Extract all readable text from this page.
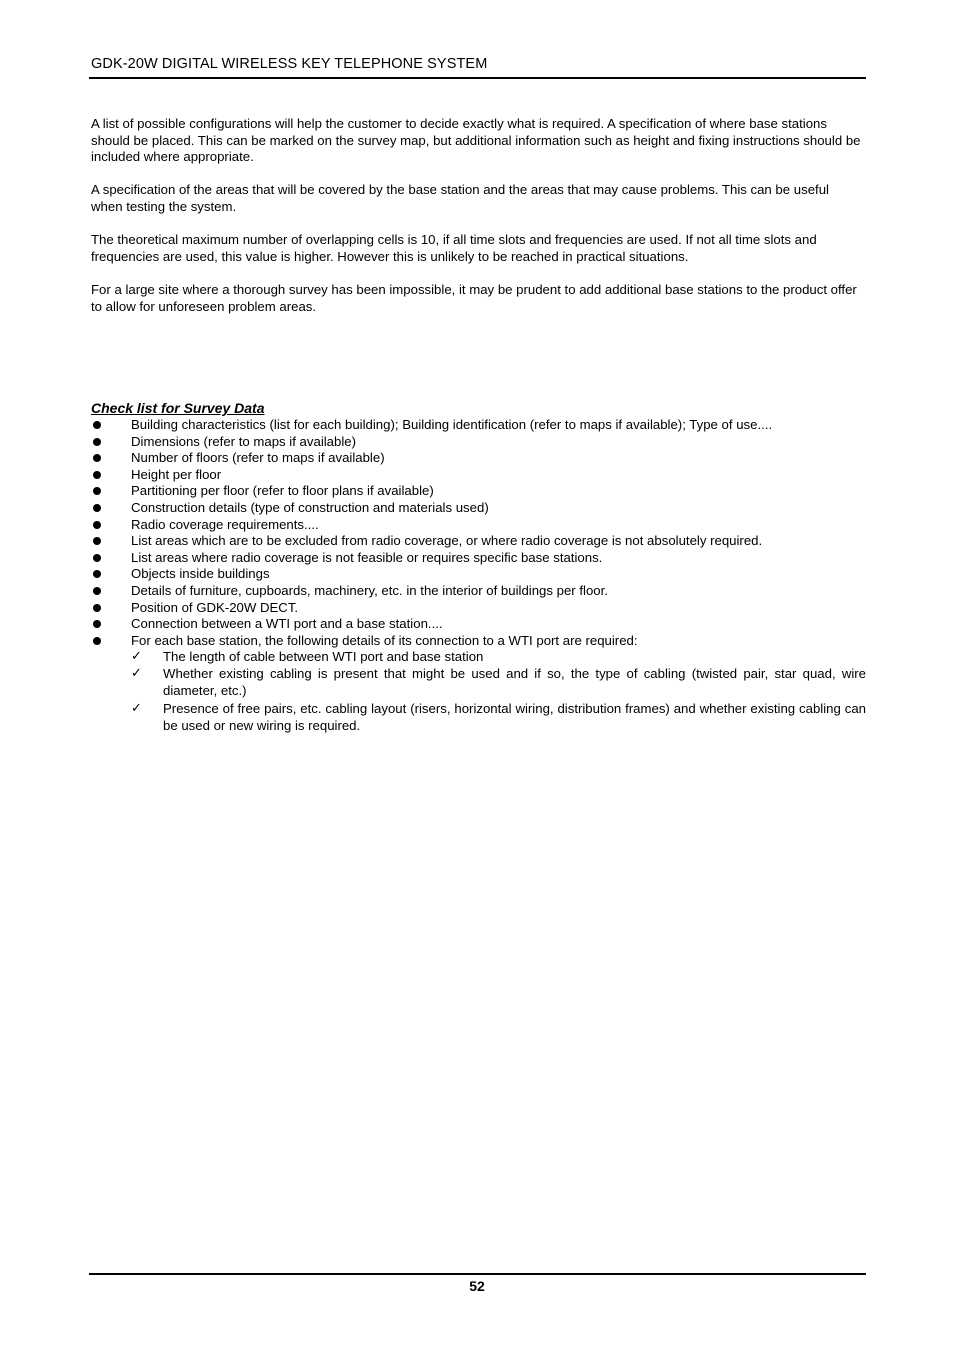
GDK-20W DIGITAL WIRELESS KEY TELEPHONE SYSTEM

A list of possible configurations will help the customer to decide exactly what is required. A specification of where base stations should be placed. This can be marked on the survey map, but additional information such as height and fixing instructions should be included where appropriate.

A specification of the areas that will be covered by the base station and the areas that may cause problems. This can be useful when testing the system.

The theoretical maximum number of overlapping cells is 10, if all time slots and frequencies are used. If not all time slots and frequencies are used, this value is higher. However this is unlikely to be reached in practical situations.

For a large site where a thorough survey has been impossible, it may be prudent to add additional base stations to the product offer to allow for unforeseen problem areas.

Check list for Survey Data
Building characteristics (list for each building); Building identification (refer to maps if available); Type of use....
Dimensions (refer to maps if available)
Number of floors (refer to maps if available)
Height per floor
Partitioning per floor (refer to floor plans if available)
Construction details (type of construction and materials used)
Radio coverage requirements....
List areas which are to be excluded from radio coverage, or where radio coverage is not absolutely required.
List areas where radio coverage is not feasible or requires specific base stations.
Objects inside buildings
Details of furniture, cupboards, machinery, etc. in the interior of buildings per floor.
Position of GDK-20W DECT.
Connection between a WTI port and a base station....
For each base station, the following details of its connection to a WTI port are required:
✓ The length of cable between WTI port and base station
✓ Whether existing cabling is present that might be used and if so, the type of cabling (twisted pair, star quad, wire diameter, etc.)
✓ Presence of free pairs, etc. cabling layout (risers, horizontal wiring, distribution frames) and whether existing cabling can be used or new wiring is required.
52
